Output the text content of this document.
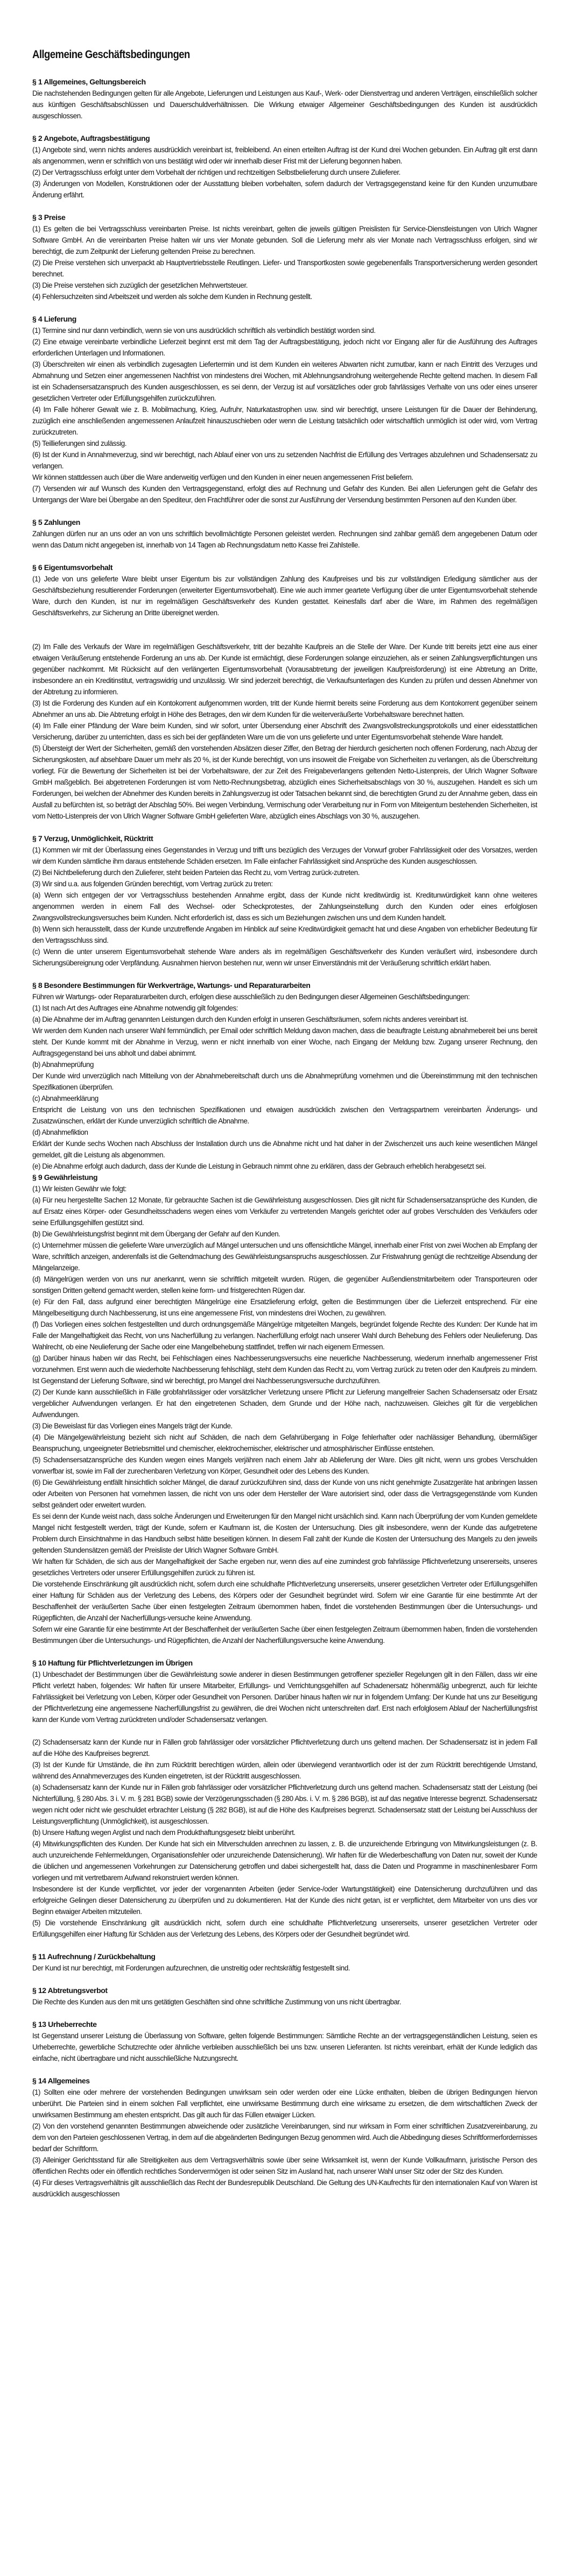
Allgemeine Geschäftsbedingungen
§ 1 Allgemeines, Geltungsbereich

Die nachstehenden Bedingungen gelten für alle Angebote, Lieferungen und Leistungen aus Kauf-, Werk- oder Dienstvertrag und anderen Verträgen, einschließlich solcher aus künftigen Geschäftsabschlüssen und Dauerschuldverhältnissen. Die Wirkung etwaiger Allgemeiner Geschäftsbedingungen des Kunden ist ausdrücklich ausgeschlossen.

§ 2 Angebote, Auftragsbestätigung

(1) Angebote sind, wenn nichts anderes ausdrücklich vereinbart ist, freibleibend. An einen erteilten Auftrag ist der Kund drei Wochen gebunden. Ein Auftrag gilt erst dann als angenommen, wenn er schriftlich von uns bestätigt wird oder wir innerhalb dieser Frist mit der Lieferung begonnen haben.

(2) Der Vertragsschluss erfolgt unter dem Vorbehalt der richtigen und rechtzeitigen Selbstbelieferung durch unsere Zulieferer.

(3) Änderungen von Modellen, Konstruktionen oder der Ausstattung bleiben vorbehalten, sofern dadurch der Vertragsgegenstand keine für den Kunden unzumutbare Änderung erfährt.

§ 3 Preise

(1) Es gelten die bei Vertragsschluss vereinbarten Preise. Ist nichts vereinbart, gelten die jeweils gültigen Preislisten für Service-Dienstleistungen von Ulrich Wagner Software GmbH. An die vereinbarten Preise halten wir uns vier Monate gebunden. Soll die Lieferung mehr als vier Monate nach Vertragsschluss erfolgen, sind wir berechtigt, die zum Zeitpunkt der Lieferung geltenden Preise zu berechnen.

(2) Die Preise verstehen sich unverpackt ab Hauptvertriebsstelle Reutlingen. Liefer- und Transportkosten sowie gegebenenfalls Transportversicherung werden gesondert berechnet.

(3) Die Preise verstehen sich zuzüglich der gesetzlichen Mehrwertsteuer.

(4) Fehlersuchzeiten sind Arbeitszeit und werden als solche dem Kunden in Rechnung gestellt.

§ 4 Lieferung

(1) Termine sind nur dann verbindlich, wenn sie von uns ausdrücklich schriftlich als verbindlich bestätigt worden sind.

(2) Eine etwaige vereinbarte verbindliche Lieferzeit beginnt erst mit dem Tag der Auftragsbestätigung, jedoch nicht vor Eingang aller für die Ausführung des Auftrages erforderlichen Unterlagen und Informationen.

(3) Überschreiten wir einen als verbindlich zugesagten Liefertermin und ist dem Kunden ein weiteres Abwarten nicht zumutbar, kann er nach Eintritt des Verzuges und Abmahnung und Setzen einer angemessenen Nachfrist von mindestens drei Wochen, mit Ablehnungsandrohung weitergehende Rechte geltend machen. In diesem Fall ist ein Schadensersatzanspruch des Kunden ausgeschlossen, es sei denn, der Verzug ist auf vorsätzliches oder grob fahrlässiges Verhalte von uns oder eines unserer gesetzlichen Vertreter oder Erfüllungsgehilfen zurückzuführen.

(4) Im Falle höherer Gewalt wie z. B. Mobilmachung, Krieg, Aufruhr, Naturkatastrophen usw. sind wir berechtigt, unsere Leistungen für die Dauer der Behinderung, zuzüglich eine anschließenden angemessenen Anlaufzeit hinauszuschieben oder wenn die Leistung tatsächlich oder wirtschaftlich unmöglich ist oder wird, vom Vertrag zurückzutreten.

(5) Teillieferungen sind zulässig.

(6) Ist der Kund in Annahmeverzug, sind wir berechtigt, nach Ablauf einer von uns zu setzenden Nachfrist die Erfüllung des Vertrages abzulehnen und Schadensersatz zu verlangen.

Wir können stattdessen auch über die Ware anderweitig verfügen und den Kunden in einer neuen angemessenen Frist beliefern.

(7) Versenden wir auf Wunsch des Kunden den Vertragsgegenstand, erfolgt dies auf Rechnung und Gefahr des Kunden. Bei allen Lieferungen geht die Gefahr des Untergangs der Ware bei Übergabe an den Spediteur, den Frachtführer oder die sonst zur Ausführung der Versendung bestimmten Personen auf den Kunden über.

§ 5 Zahlungen

Zahlungen dürfen nur an uns oder an von uns schriftlich bevollmächtigte Personen geleistet werden. Rechnungen sind zahlbar gemäß dem angegebenen Datum oder wenn das Datum nicht angegeben ist, innerhalb von 14 Tagen ab Rechnungsdatum netto Kasse frei Zahlstelle.

§ 6 Eigentumsvorbehalt

(1) Jede von uns gelieferte Ware bleibt unser Eigentum bis zur vollständigen Zahlung des Kaufpreises und bis zur vollständigen Erledigung sämtlicher aus der Geschäftsbeziehung resultierender Forderungen (erweiterter Eigentumsvorbehalt). Eine wie auch immer geartete Verfügung über die unter Eigentumsvorbehalt stehende Ware, durch den Kunden, ist nur im regelmäßigen Geschäftsverkehr des Kunden gestattet. Keinesfalls darf aber die Ware, im Rahmen des regelmäßigen Geschäftsverkehrs, zur Sicherung an Dritte übereignet werden.

(2) Im Falle des Verkaufs der Ware im regelmäßigen Geschäftsverkehr, tritt der bezahlte Kaufpreis an die Stelle der Ware. Der Kunde tritt bereits jetzt eine aus einer etwaigen Veräußerung entstehende Forderung an uns ab. Der Kunde ist ermächtigt, diese Forderungen solange einzuziehen, als er seinen Zahlungsverpflichtungen uns gegenüber nachkommt. Mit Rücksicht auf den verlängerten Eigentumsvorbehalt (Vorausabtretung der jeweiligen Kaufpreisforderung) ist eine Abtretung an Dritte, insbesondere an ein Kreditinstitut, vertragswidrig und unzulässig. Wir sind jederzeit berechtigt, die Verkaufsunterlagen des Kunden zu prüfen und dessen Abnehmer von der Abtretung zu informieren.

(3) Ist die Forderung des Kunden auf ein Kontokorrent aufgenommen worden, tritt der Kunde hiermit bereits seine Forderung aus dem Kontokorrent gegenüber seinem Abnehmer an uns ab. Die Abtretung erfolgt in Höhe des Betrages, den wir dem Kunden für die weiterveräußerte Vorbehaltsware berechnet hatten.

(4) Im Falle einer Pfändung der Ware beim Kunden, sind wir sofort, unter Übersendung einer Abschrift des Zwangsvollstreckungsprotokolls und einer eidesstattlichen Versicherung, darüber zu unterrichten, dass es sich bei der gepfändeten Ware um die von uns gelieferte und unter Eigentumsvorbehalt stehende Ware handelt.

(5) Übersteigt der Wert der Sicherheiten, gemäß den vorstehenden Absätzen dieser Ziffer, den Betrag der hierdurch gesicherten noch offenen Forderung, nach Abzug der Sicherungskosten, auf absehbare Dauer um mehr als 20 %, ist der Kunde berechtigt, von uns insoweit die Freigabe von Sicherheiten zu verlangen, als die Überschreitung vorliegt. Für die Bewertung der Sicherheiten ist bei der Vorbehaltsware, der zur Zeit des Freigabeverlangens geltenden Netto-Listenpreis, der Ulrich Wagner Software GmbH maßgeblich. Bei abgetretenen Forderungen ist vom Netto-Rechnungsbetrag, abzüglich eines Sicherheitsabschlags von 30 %, auszugehen. Handelt es sich um Forderungen, bei welchen der Abnehmer des Kunden bereits in Zahlungsverzug ist oder Tatsachen bekannt sind, die berechtigten Grund zu der Annahme geben, dass ein Ausfall zu befürchten ist, so beträgt der Abschlag 50%. Bei wegen Verbindung, Vermischung oder Verarbeitung nur in Form von Miteigentum bestehenden Sicherheiten, ist vom Netto-Listenpreis der von Ulrich Wagner Software GmbH gelieferten Ware, abzüglich eines Abschlags von 30 %, auszugehen.

§ 7 Verzug, Unmöglichkeit, Rücktritt

(1) Kommen wir mit der Überlassung eines Gegenstandes in Verzug und trifft uns bezüglich des Verzuges der Vorwurf grober Fahrlässigkeit oder des Vorsatzes, werden wir dem Kunden sämtliche ihm daraus entstehende Schäden ersetzen. Im Falle einfacher Fahrlässigkeit sind Ansprüche des Kunden ausgeschlossen.

(2) Bei Nichtbelieferung durch den Zulieferer, steht beiden Parteien das Recht zu, vom Vertrag zurück-zutreten.

(3) Wir sind u.a. aus folgenden Gründen berechtigt, vom Vertrag zurück zu treten:

(a) Wenn sich entgegen der vor Vertragsschluss bestehenden Annahme ergibt, dass der Kunde nicht kreditwürdig ist. Kreditunwürdigkeit kann ohne weiteres angenommen werden in einem Fall des Wechsel- oder Scheckprotestes, der Zahlungseinstellung durch den Kunden oder eines erfolglosen Zwangsvollstreckungsversuches beim Kunden. Nicht erforderlich ist, dass es sich um Beziehungen zwischen uns und dem Kunden handelt.

(b) Wenn sich herausstellt, dass der Kunde unzutreffende Angaben im Hinblick auf seine Kreditwürdigkeit gemacht hat und diese Angaben von erheblicher Bedeutung für den Vertragsschluss sind.

(c) Wenn die unter unserem Eigentumsvorbehalt stehende Ware anders als im regelmäßigen Geschäftsverkehr des Kunden veräußert wird, insbesondere durch Sicherungsübereignung oder Verpfändung. Ausnahmen hiervon bestehen nur, wenn wir unser Einverständnis mit der Veräußerung schriftlich erklärt haben.

§ 8 Besondere Bestimmungen für Werkverträge, Wartungs- und Reparaturarbeiten

Führen wir Wartungs- oder Reparaturarbeiten durch, erfolgen diese ausschließlich zu den Bedingungen dieser Allgemeinen Geschäftsbedingungen:

(1) Ist nach Art des Auftrages eine Abnahme notwendig gilt folgendes:

(a) Die Abnahme der im Auftrag genannten Leistungen durch den Kunden erfolgt in unseren Geschäftsräumen, sofern nichts anderes vereinbart ist.

Wir werden dem Kunden nach unserer Wahl fernmündlich, per Email oder schriftlich Meldung davon machen, dass die beauftragte Leistung abnahmebereit bei uns bereit steht. Der Kunde kommt mit der Abnahme in Verzug, wenn er nicht innerhalb von einer Woche, nach Eingang der Meldung bzw. Zugang unserer Rechnung, den Auftragsgegenstand bei uns abholt und dabei abnimmt.

(b) Abnahmeprüfung

Der Kunde wird unverzüglich nach Mitteilung von der Abnahmebereitschaft durch uns die Abnahmeprüfung vornehmen und die Übereinstimmung mit den technischen Spezifikationen überprüfen.

(c) Abnahmeerklärung

Entspricht die Leistung von uns den technischen Spezifikationen und etwaigen ausdrücklich zwischen den Vertragspartnern vereinbarten Änderungs- und Zusatzwünschen, erklärt der Kunde unverzüglich schriftlich die Abnahme.

(d) Abnahmefiktion

Erklärt der Kunde sechs Wochen nach Abschluss der Installation durch uns die Abnahme nicht und hat daher in der Zwischenzeit uns auch keine wesentlichen Mängel gemeldet, gilt die Leistung als abgenommen.

(e) Die Abnahme erfolgt auch dadurch, dass der Kunde die Leistung in Gebrauch nimmt ohne zu erklären, dass der Gebrauch erheblich herabgesetzt sei.

§ 9 Gewährleistung

(1) Wir leisten Gewähr wie folgt:

(a) Für neu hergestellte Sachen 12 Monate, für gebrauchte Sachen ist die Gewährleistung ausgeschlossen. Dies gilt nicht für Schadensersatzansprüche des Kunden, die auf Ersatz eines Körper- oder Gesundheitsschadens wegen eines vom Verkäufer zu vertretenden Mangels gerichtet oder auf grobes Verschulden des Verkäufers oder seine Erfüllungsgehilfen gestützt sind.

(b) Die Gewährleistungsfrist beginnt mit dem Übergang der Gefahr auf den Kunden.

(c) Unternehmer müssen die gelieferte Ware unverzüglich auf Mängel untersuchen und uns offensichtliche Mängel, innerhalb einer Frist von zwei Wochen ab Empfang der Ware, schriftlich anzeigen, anderenfalls ist die Geltendmachung des Gewährleistungsanspruchs ausgeschlossen. Zur Fristwahrung genügt die rechtzeitige Absendung der Mängelanzeige.

(d) Mängelrügen werden von uns nur anerkannt, wenn sie schriftlich mitgeteilt wurden. Rügen, die gegenüber Außendienstmitarbeitern oder Transporteuren oder sonstigen Dritten geltend gemacht werden, stellen keine form- und fristgerechten Rügen dar.

(e) Für den Fall, dass aufgrund einer berechtigten Mängelrüge eine Ersatzlieferung erfolgt, gelten die Bestimmungen über die Lieferzeit entsprechend. Für eine Mängelbeseitigung durch Nachbesserung, ist uns eine angemessene Frist, von mindestens drei Wochen, zu gewähren.

(f) Das Vorliegen eines solchen festgestellten und durch ordnungsgemäße Mängelrüge mitgeteilten Mangels, begründet folgende Rechte des Kunden: Der Kunde hat im Falle der Mangelhaftigkeit das Recht, von uns Nacherfüllung zu verlangen. Nacherfüllung erfolgt nach unserer Wahl durch Behebung des Fehlers oder Neulieferung. Das Wahlrecht, ob eine Neulieferung der Sache oder eine Mangelbehebung stattfindet, treffen wir nach eigenem Ermessen.

(g) Darüber hinaus haben wir das Recht, bei Fehlschlagen eines Nachbesserungsversuchs eine neuerliche Nachbesserung, wiederum innerhalb angemessener Frist vorzunehmen. Erst wenn auch die wiederholte Nachbesserung fehlschlägt, steht dem Kunden das Recht zu, vom Vertrag zurück zu treten oder den Kaufpreis zu mindern. Ist Gegenstand der Lieferung Software, sind wir berechtigt, pro Mangel drei Nachbesserungsversuche durchzuführen.

(2) Der Kunde kann ausschließlich in Fälle grobfahrlässiger oder vorsätzlicher Verletzung unsere Pflicht zur Lieferung mangelfreier Sachen Schadensersatz oder Ersatz vergeblicher Aufwendungen verlangen. Er hat den eingetretenen Schaden, dem Grunde und der Höhe nach, nachzuweisen. Gleiches gilt für die vergeblichen Aufwendungen.

(3) Die Beweislast für das Vorliegen eines Mangels trägt der Kunde.

(4) Die Mängelgewährleistung bezieht sich nicht auf Schäden, die nach dem Gefahrübergang in Folge fehlerhafter oder nachlässiger Behandlung, übermäßiger Beanspruchung, ungeeigneter Betriebsmittel und chemischer, elektrochemischer, elektrischer und atmosphärischer Einflüsse entstehen.

(5) Schadensersatzansprüche des Kunden wegen eines Mangels verjähren nach einem Jahr ab Ablieferung der Ware. Dies gilt nicht, wenn uns grobes Verschulden vorwerfbar ist, sowie im Fall der zurechenbaren Verletzung von Körper, Gesundheit oder des Lebens des Kunden.

(6) Die Gewährleistung entfällt hinsichtlich solcher Mängel, die darauf zurückzuführen sind, dass der Kunde von uns nicht genehmigte Zusatzgeräte hat anbringen lassen oder Arbeiten von Personen hat vornehmen lassen, die nicht von uns oder dem Hersteller der Ware autorisiert sind, oder dass die Vertragsgegenstände vom Kunden selbst geändert oder erweitert wurden.

Es sei denn der Kunde weist nach, dass solche Änderungen und Erweiterungen für den Mangel nicht ursächlich sind. Kann nach Überprüfung der vom Kunden gemeldete Mangel nicht festgestellt werden, trägt der Kunde, sofern er Kaufmann ist, die Kosten der Untersuchung. Dies gilt insbesondere, wenn der Kunde das aufgetretene Problem durch Einsichtnahme in das Handbuch selbst hätte beseitigen können. In diesem Fall zahlt der Kunde die Kosten der Untersuchung des Mangels zu den jeweils geltenden Stundensätzen gemäß der Preisliste der Ulrich Wagner Software GmbH.

Wir haften für Schäden, die sich aus der Mangelhaftigkeit der Sache ergeben nur, wenn dies auf eine zumindest grob fahrlässige Pflichtverletzung unsererseits, unseres gesetzliches Vertreters oder unserer Erfüllungsgehilfen zurück zu führen ist.

Die vorstehende Einschränkung gilt ausdrücklich nicht, sofern durch eine schuldhafte Pflichtverletzung unsererseits, unserer gesetzlichen Vertreter oder Erfüllungsgehilfen einer Haftung für Schäden aus der Verletzung des Lebens, des Körpers oder der Gesundheit begründet wird. Sofern wir eine Garantie für eine bestimmte Art der Beschaffenheit der veräußerten Sache über einen festgelegten Zeitraum übernommen haben, findet die vorstehenden Bestimmungen über die Untersuchungs- und Rügepflichten, die Anzahl der Nacherfüllungs-versuche keine Anwendung.

Sofern wir eine Garantie für eine bestimmte Art der Beschaffenheit der veräußerten Sache über einen festgelegten Zeitraum übernommen haben, finden die vorstehenden Bestimmungen über die Untersuchungs- und Rügepflichten, die Anzahl der Nacherfüllungsversuche keine Anwendung.

§ 10 Haftung für Pflichtverletzungen im Übrigen

(1) Unbeschadet der Bestimmungen über die Gewährleistung sowie anderer in diesen Bestimmungen getroffener spezieller Regelungen gilt in den Fällen, dass wir eine Pflicht verletzt haben, folgendes: Wir haften für unsere Mitarbeiter, Erfüllungs- und Verrichtungsgehilfen auf Schadenersatz höhenmäßig unbegrenzt, auch für leichte Fahrlässigkeit bei Verletzung von Leben, Körper oder Gesundheit von Personen. Darüber hinaus haften wir nur in folgendem Umfang: Der Kunde hat uns zur Beseitigung der Pflichtverletzung eine angemessene Nacherfüllungsfrist zu gewähren, die drei Wochen nicht unterschreiten darf. Erst nach erfolglosem Ablauf der Nacherfüllungsfrist kann der Kunde vom Vertrag zurücktreten und/oder Schadensersatz verlangen.

(2) Schadensersatz kann der Kunde nur in Fällen grob fahrlässiger oder vorsätzlicher Pflichtverletzung durch uns geltend machen. Der Schadensersatz ist in jedem Fall auf die Höhe des Kaufpreises begrenzt.

(3) Ist der Kunde für Umstände, die ihn zum Rücktritt berechtigen würden, allein oder überwiegend verantwortlich oder ist der zum Rücktritt berechtigende Umstand, während des Annahmeverzuges des Kunden eingetreten, ist der Rücktritt ausgeschlossen.

(a) Schadensersatz kann der Kunde nur in Fällen grob fahrlässiger oder vorsätzlicher Pflichtverletzung durch uns geltend machen. Schadensersatz statt der Leistung (bei Nichterfüllung, § 280 Abs. 3 i. V. m. § 281 BGB) sowie der Verzögerungsschaden (§ 280 Abs. i. V. m. § 286 BGB), ist auf das negative Interesse begrenzt. Schadensersatz wegen nicht oder nicht wie geschuldet erbrachter Leistung (§ 282 BGB), ist auf die Höhe des Kaufpreises begrenzt. Schadensersatz statt der Leistung bei Ausschluss der Leistungsverpflichtung (Unmöglichkeit), ist ausgeschlossen.

(b) Unsere Haftung wegen Arglist und nach dem Produkthaftungsgesetz bleibt unberührt.

(4) Mitwirkungspflichten des Kunden. Der Kunde hat sich ein Mitverschulden anrechnen zu lassen, z. B. die unzureichende Erbringung von Mitwirkungsleistungen (z. B. auch unzureichende Fehlermeldungen, Organisationsfehler oder unzureichende Datensicherung). Wir haften für die Wiederbeschaffung von Daten nur, soweit der Kunde die üblichen und angemessenen Vorkehrungen zur Datensicherung getroffen und dabei sichergestellt hat, dass die Daten und Programme in maschinenlesbarer Form vorliegen und mit vertretbarem Aufwand rekonstruiert werden können.

Insbesondere ist der Kunde verpflichtet, vor jeder der vorgenannten Arbeiten (jeder Service-/oder Wartungstätigkeit) eine Datensicherung durchzuführen und das erfolgreiche Gelingen dieser Datensicherung zu überprüfen und zu dokumentieren. Hat der Kunde dies nicht getan, ist er verpflichtet, dem Mitarbeiter von uns dies vor Beginn etwaiger Arbeiten mitzuteilen.

(5) Die vorstehende Einschränkung gilt ausdrücklich nicht, sofern durch eine schuldhafte Pflichtverletzung unsererseits, unserer gesetzlichen Vertreter oder Erfüllungsgehilfen einer Haftung für Schäden aus der Verletzung des Lebens, des Körpers oder der Gesundheit begründet wird.

§ 11 Aufrechnung / Zurückbehaltung

Der Kund ist nur berechtigt, mit Forderungen aufzurechnen, die unstreitig oder rechtskräftig festgestellt sind.

§ 12 Abtretungsverbot

Die Rechte des Kunden aus den mit uns getätigten Geschäften sind ohne schriftliche Zustimmung von uns nicht übertragbar.

§ 13 Urheberrechte

Ist Gegenstand unserer Leistung die Überlassung von Software, gelten folgende Bestimmungen: Sämtliche Rechte an der vertragsgegenständlichen Leistung, seien es Urheberrechte, gewerbliche Schutzrechte oder ähnliche verbleiben ausschließlich bei uns bzw. unseren Lieferanten. Ist nichts vereinbart, erhält der Kunde lediglich das einfache, nicht übertragbare und nicht ausschließliche Nutzungsrecht.

§ 14 Allgemeines

(1) Sollten eine oder mehrere der vorstehenden Bedingungen unwirksam sein oder werden oder eine Lücke enthalten, bleiben die übrigen Bedingungen hiervon unberührt. Die Parteien sind in einem solchen Fall verpflichtet, eine unwirksame Bestimmung durch eine wirksame zu ersetzen, die dem wirtschaftlichen Zweck der unwirksamen Bestimmung am ehesten entspricht. Das gilt auch für das Füllen etwaiger Lücken.

(2) Von den vorstehend genannten Bestimmungen abweichende oder zusätzliche Vereinbarungen, sind nur wirksam in Form einer schriftlichen Zusatzvereinbarung, zu dem von den Parteien geschlossenen Vertrag, in dem auf die abgeänderten Bedingungen Bezug genommen wird. Auch die Abbedingung dieses Schriftformerfordernisses bedarf der Schriftform.

(3) Alleiniger Gerichtsstand für alle Streitigkeiten aus dem Vertragsverhältnis sowie über seine Wirksamkeit ist, wenn der Kunde Vollkaufmann, juristische Person des öffentlichen Rechts oder ein öffentlich rechtliches Sondervermögen ist oder seinen Sitz im Ausland hat, nach unserer Wahl unser Sitz oder der Sitz des Kunden.

(4) Für dieses Vertragsverhältnis gilt ausschließlich das Recht der Bundesrepublik Deutschland. Die Geltung des UN-Kaufrechts für den internationalen Kauf von Waren ist ausdrücklich ausgeschlossen
